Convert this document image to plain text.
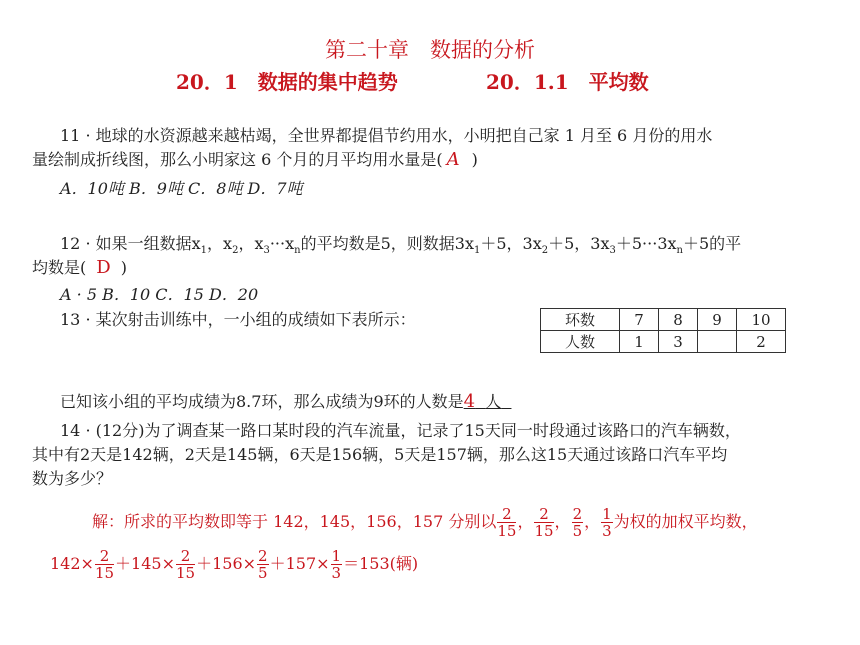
第二十章　数据的分析
20．1　数据的集中趋势	20．1.1　平均数
11 · 地球的水资源越来越枯竭，全世界都提倡节约用水，小明把自己家 1 月至 6 月份的用水
量绘制成折线图，那么小明家这 6 个月的月平均用水量是( A )
A．10吨 B．9吨 C．8吨 D．7吨
12 · 如果一组数据$x_1$，$x_2$，$x_3\cdot\cdot\cdot x_n$的平均数是5，则数据$3x_1+5$，$3x_2+5$，$3x_3+5\cdot\cdot\cdot 3x_n+5$的平
均数是( D )
A · 5 B．10 C．15 D．20
13 · 某次射击训练中，一小组的成绩如下表所示：	环数	7	8	9	10
人数	1	3		2
已知该小组的平均成绩为8.7环，那么成绩为9环的人数是4 人
14 · (12分)为了调查某一路口某时段的汽车流量，记录了15天同一时段通过该路口的汽车辆数，
其中有2天是142辆，2天是145辆，6天是156辆，5天是157辆，那么这15天通过该路口汽车平均
数为多少？
解：所求的平均数即等于 142，145，156，157 分别以 $\frac{2}{15}$ ， $\frac{2}{15}$ ， $\frac{2}{5}$ ， $\frac{1}{3}$ 为权的加权平均数，
$142\times \frac{2}{15} +145\times \frac{2}{15} +156\times \frac{2}{5} +157\times \frac{1}{3} =153$(辆)
